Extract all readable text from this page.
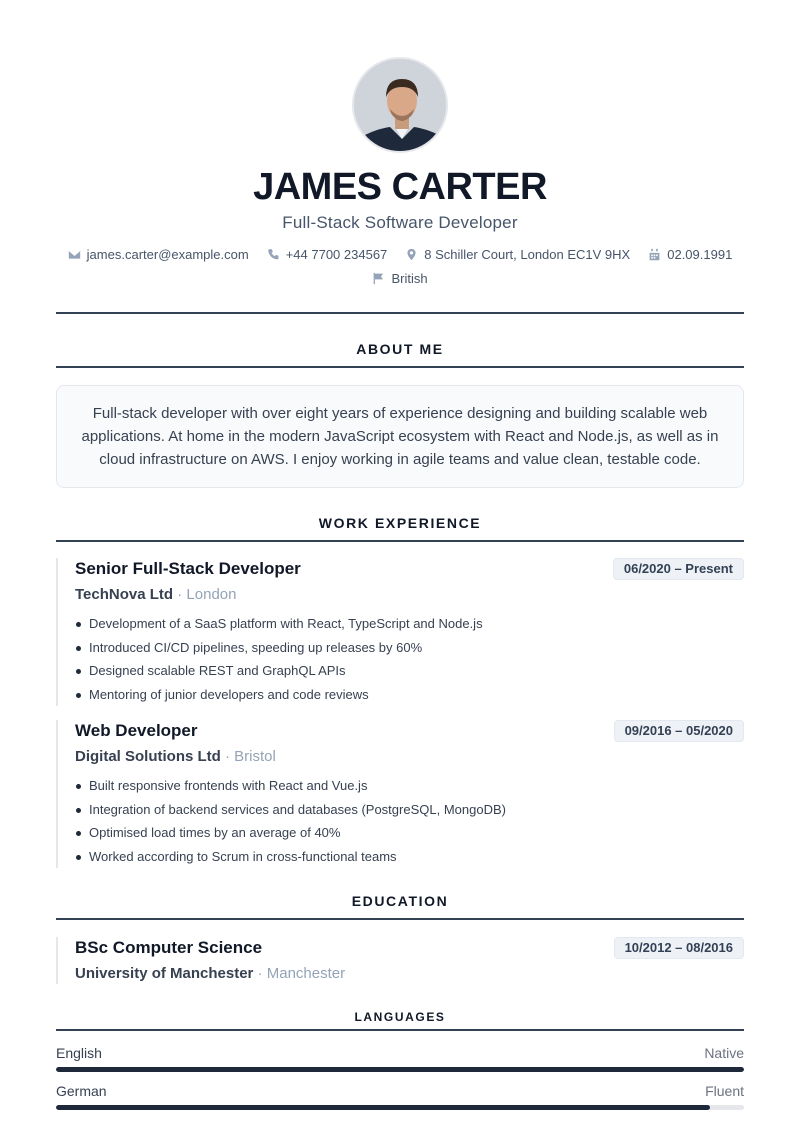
JAMES CARTER
Full-Stack Software Developer
james.carter@example.com	+44 7700 234567	8 Schiller Court, London EC1V 9HX	02.09.1991
British
ABOUT ME
Full-stack developer with over eight years of experience designing and building scalable web applications. At home in the modern JavaScript ecosystem with React and Node.js, as well as in cloud infrastructure on AWS. I enjoy working in agile teams and value clean, testable code.
WORK EXPERIENCE
Senior Full-Stack Developer	06/2020 – Present
TechNova Ltd · London
Development of a SaaS platform with React, TypeScript and Node.js
Introduced CI/CD pipelines, speeding up releases by 60%
Designed scalable REST and GraphQL APIs
Mentoring of junior developers and code reviews
Web Developer	09/2016 – 05/2020
Digital Solutions Ltd · Bristol
Built responsive frontends with React and Vue.js
Integration of backend services and databases (PostgreSQL, MongoDB)
Optimised load times by an average of 40%
Worked according to Scrum in cross-functional teams
EDUCATION
BSc Computer Science	10/2012 – 08/2016
University of Manchester · Manchester
LANGUAGES
English	Native
German	Fluent
